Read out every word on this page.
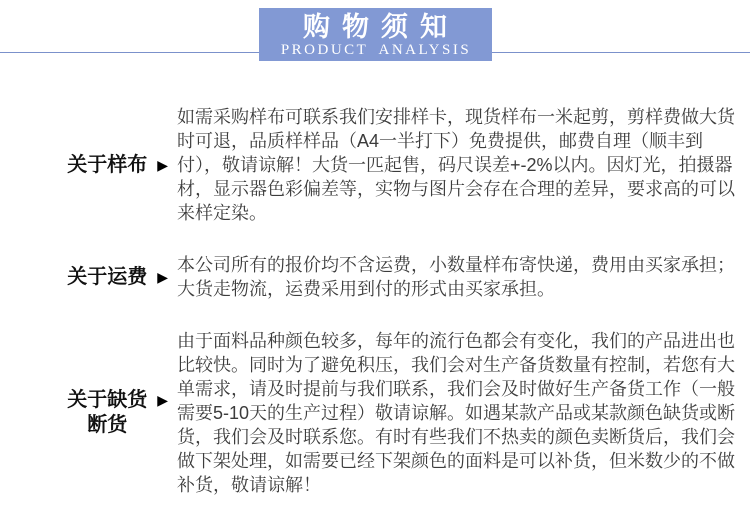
购物须知
PRODUCT ANALYSIS
关于样布 ▶

如需采购样布可联系我们安排样卡，现货样布一米起剪，剪样费做大货时可退，品质样样品（A4一半打下）免费提供，邮费自理（顺丰到付），敬请谅解！大货一匹起售，码尺误差+-2%以内。因灯光，拍摄器材，显示器色彩偏差等，实物与图片会存在合理的差异，要求高的可以来样定染。

关于运费 ▶

本公司所有的报价均不含运费，小数量样布寄快递，费用由买家承担；大货走物流，运费采用到付的形式由买家承担。

关于缺货断货
▶

由于面料品种颜色较多，每年的流行色都会有变化，我们的产品进出也比较快。同时为了避免积压，我们会对生产备货数量有控制，若您有大单需求，请及时提前与我们联系，我们会及时做好生产备货工作（一般需要5-10天的生产过程）敬请谅解。如遇某款产品或某款颜色缺货或断货，我们会及时联系您。有时有些我们不热卖的颜色卖断货后，我们会做下架处理，如需要已经下架颜色的面料是可以补货，但米数少的不做补货，敬请谅解！
